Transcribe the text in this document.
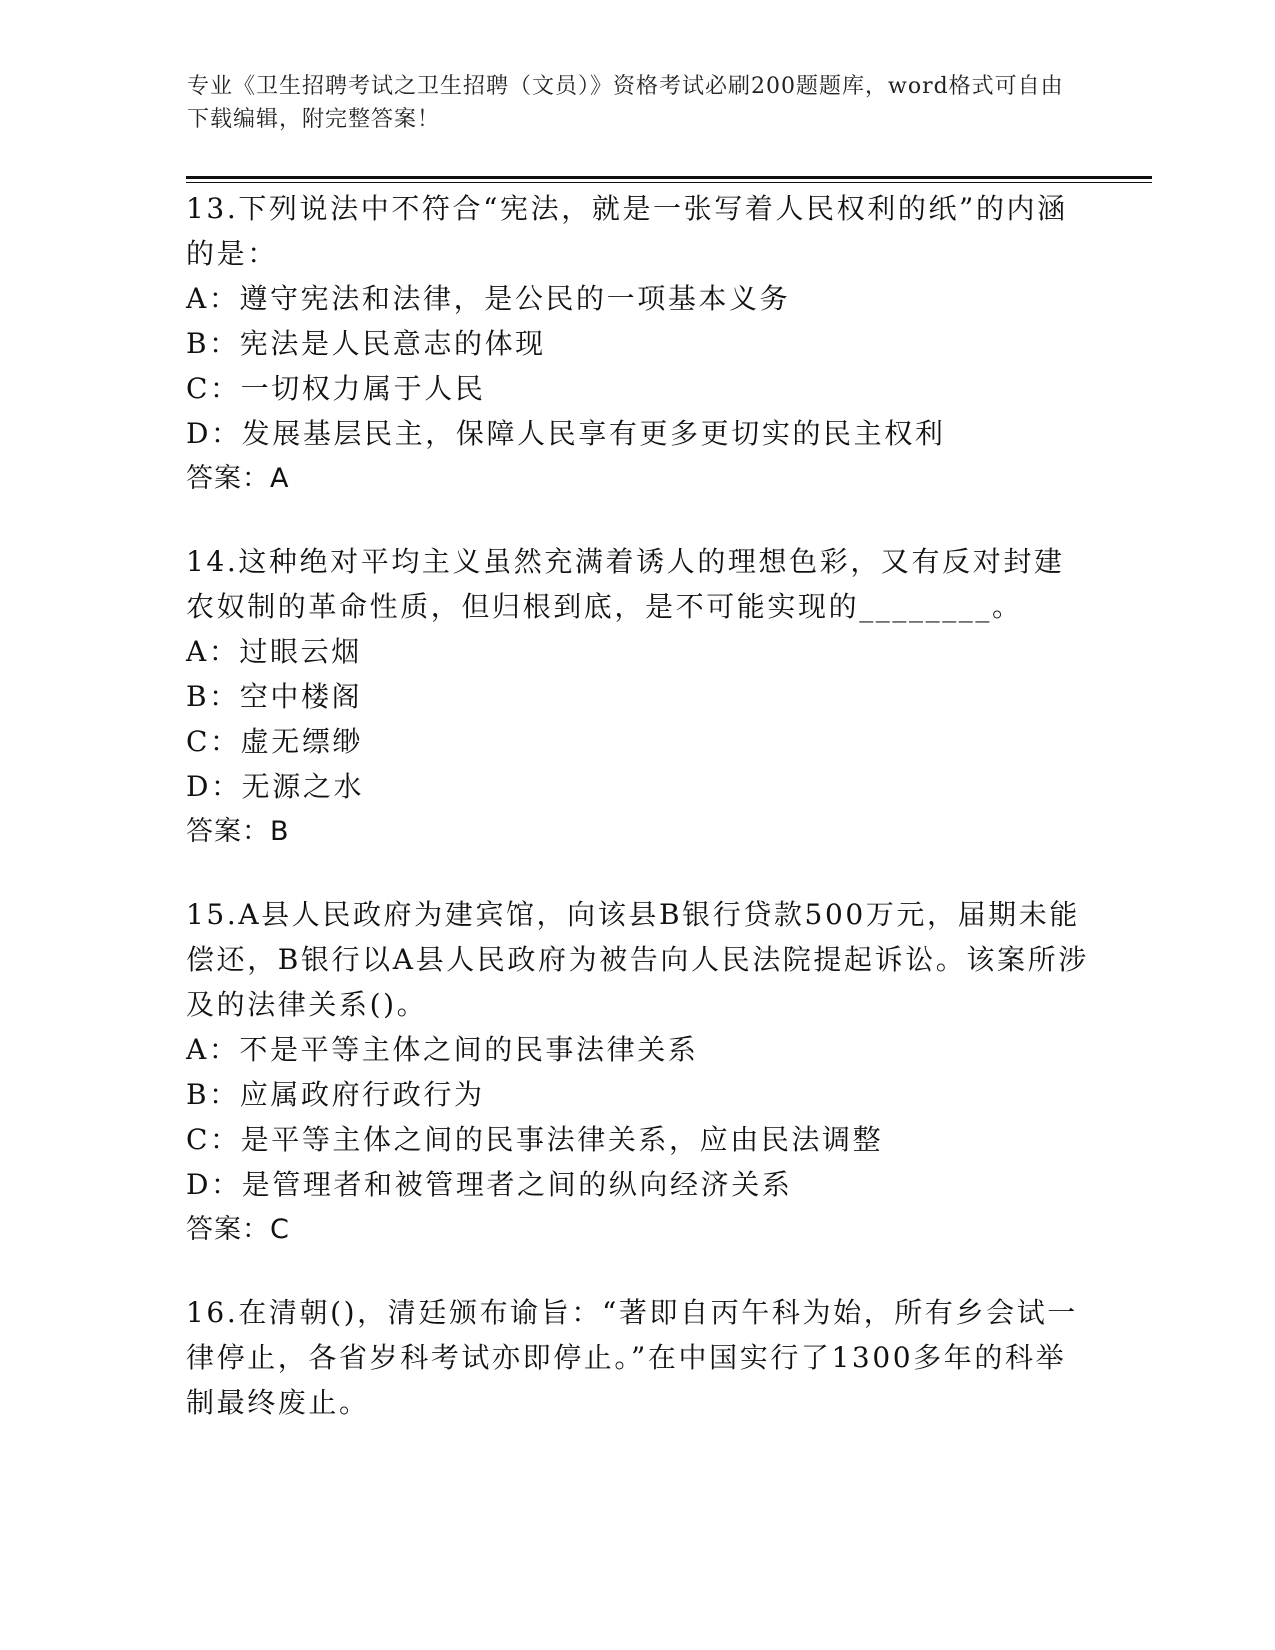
专业《卫生招聘考试之卫生招聘（文员）》资格考试必刷200题题库，word格式可自由下载编辑，附完整答案！

13.下列说法中不符合“宪法，就是一张写着人民权利的纸”的内涵的是：

A：遵守宪法和法律，是公民的一项基本义务

B：宪法是人民意志的体现

C：一切权力属于人民

D：发展基层民主，保障人民享有更多更切实的民主权利

答案：A

14.这种绝对平均主义虽然充满着诱人的理想色彩，又有反对封建农奴制的革命性质，但归根到底，是不可能实现的________。

A：过眼云烟

B：空中楼阁

C：虚无缥缈

D：无源之水

答案：B

15.A县人民政府为建宾馆，向该县B银行贷款500万元，届期未能偿还，B银行以A县人民政府为被告向人民法院提起诉讼。该案所涉及的法律关系()。

A：不是平等主体之间的民事法律关系

B：应属政府行政行为

C：是平等主体之间的民事法律关系，应由民法调整

D：是管理者和被管理者之间的纵向经济关系

答案：C

16.在清朝()，清廷颁布谕旨：“著即自丙午科为始，所有乡会试一律停止，各省岁科考试亦即停止。”在中国实行了1300多年的科举制最终废止。
